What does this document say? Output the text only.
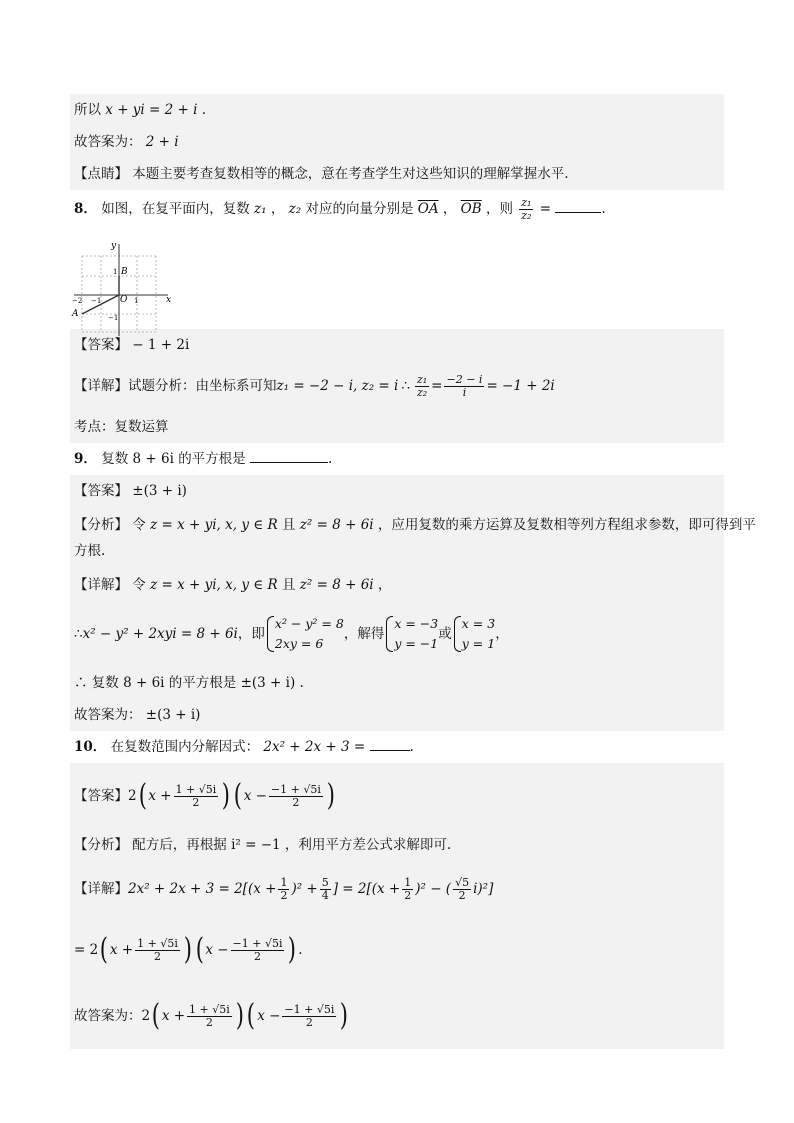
所以 x + yi = 2 + i .
故答案为： 2 + i
【点睛】 本题主要考查复数相等的概念，意在考查学生对这些知识的理解掌握水平.
8． 如图，在复平面内，复数 z₁ ， z₂ 对应的向量分别是 $\overline{OA}$ ， $\overline{OB}$ ，则 $\frac{\text{z₁}}{\text{z₂}}$ =	.
【答案】 − 1 + 2i
【详解】 试题分析：由坐标系可知 z₁ = −2 − i, z₂ = i ∴ $\frac{\text{z₁}}{\text{z₂}} = \frac{-2 - i}{i} = -1 + 2i$
考点：复数运算
9． 复数 8 + 6i 的平方根是	.
【答案】 ±(3 + i)
【分析】 令 z = x + yi, x, y ∈ R 且 z² = 8 + 6i ，应用复数的乘方运算及复数相等列方程组求参数，即可得到平
方根.
【详解】 令 z = x + yi, x, y ∈ R 且 z² = 8 + 6i ，
∴ x² − y² + 2xyi = 8 + 6i ，即
x² − y² = 8
2xy = 6
，解得
x = −3
y = −1
或
x = 3
y = 1
，
∴ 复数 8 + 6i 的平方根是 ±(3 + i) .
故答案为： ±(3 + i)
10． 在复数范围内分解因式： 2x² + 2x + 3 =	.
【答案】 2 ( $x + \frac{1 + √5i}{2}$ ) ( $x - \frac{-1 + √5i}{2}$ )
【分析】 配方后，再根据 i² = −1 ，利用平方差公式求解即可.
【详解】 $2x^2 + 2x + 3 = 2[(x + \frac{1}{2} )^2 + \frac{5}{4}$ ] = $2[(x + \frac{1}{2} )^2$ − ( $\frac{√5}{2} i)^2$]
= 2 ( $x + \frac{1 + √5i}{2}$ ) ( $x - \frac{-1 + √5i}{2}$ ) .
故答案为： 2 ( $x + \frac{1 + √5i}{2}$ ) ( $x - \frac{-1 + √5i}{2}$ )
y
x
O
B
A
1
−1
−2
1
−1
